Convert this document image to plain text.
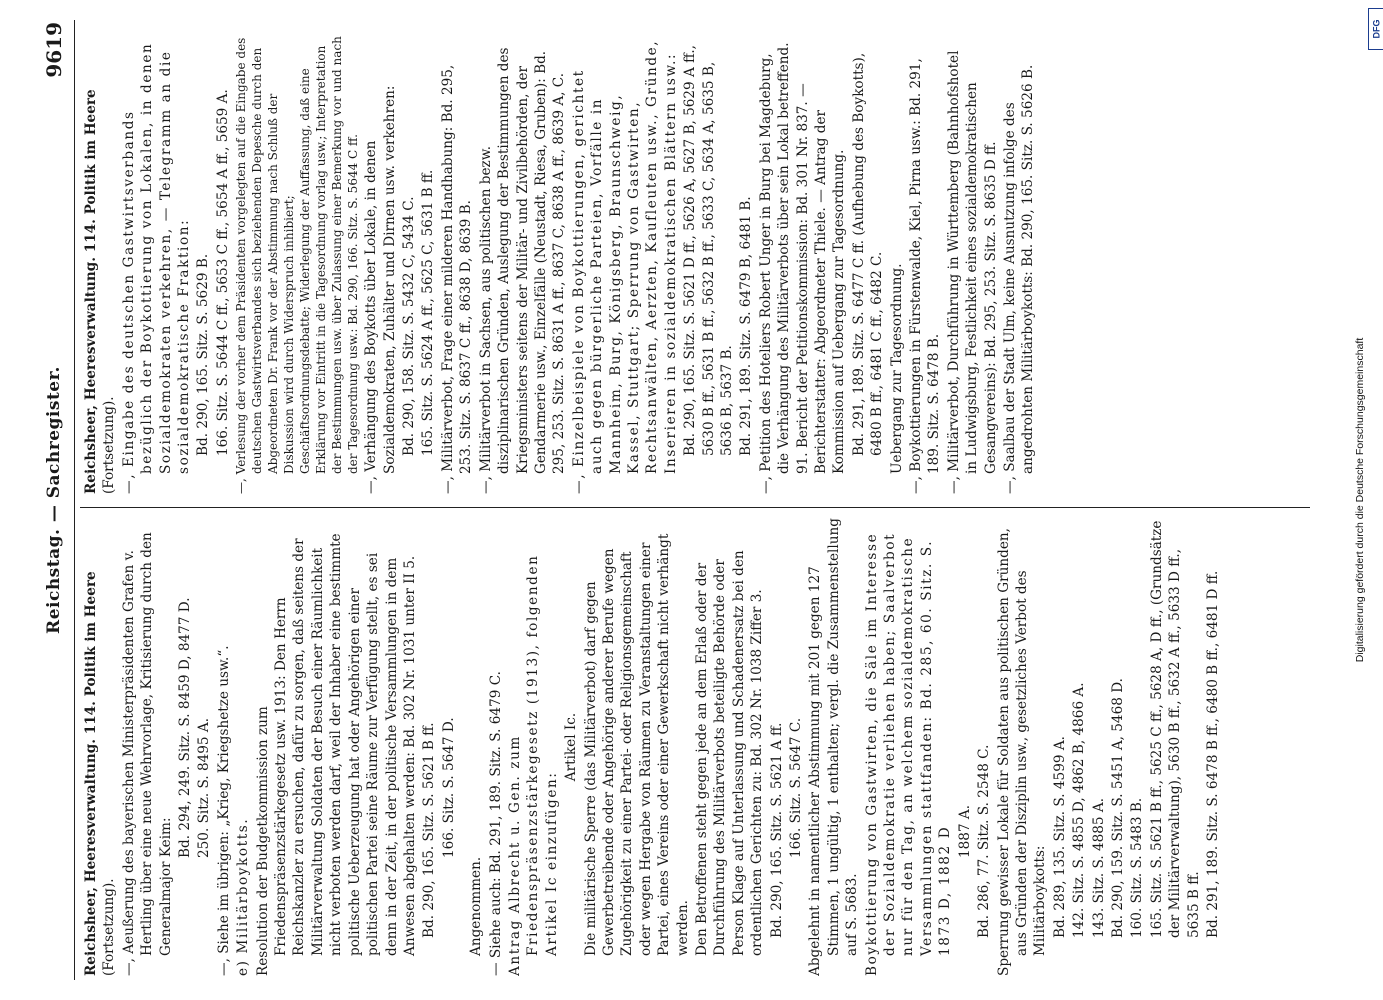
Reichstag. — Sachregister.
9619

Reichsheer, Heeresverwaltung. 114. Politik im Heere (Fortsetzung). —, Aeußerung des bayerischen Ministerpräsidenten Grafen v. Hertling über eine neue Wehrvorlage, Kritisierung durch den Generalmajor Keim:

Bd. 294, 249. Sitz. S. 8459 D, 8477 D. 250. Sitz. S. 8495 A. —, Siehe im übrigen: „Krieg, Kriegshetze usw.“. e) Militärboykotts. Resolution der Budgetkommission zum Friedenspräsenzstärkegesetz usw. 1913: Den Herrn Reichskanzler zu ersuchen, dafür zu sorgen, daß seitens der Militärverwaltung Soldaten der Besuch einer Räumlichkeit nicht verboten werden darf, weil der Inhaber eine bestimmte politische Ueberzeugung hat oder Angehörigen einer politischen Partei seine Räume zur Verfügung stellt, es sei denn in der Zeit, in der politische Versammlungen in dem Anwesen abgehalten werden: Bd. 302 Nr. 1031 unter II 5. Bd. 290, 165. Sitz. S. 5621 B ff. 166. Sitz. S. 5647 D.

Angenommen. — Siehe auch: Bd. 291, 189. Sitz. S. 6479 C. Antrag Albrecht u. Gen. zum Friedenspräsenzstärkegesetz (1913), folgenden Artikel Ic einzufügen:

Artikel Ic. Die militärische Sperre (das Militärverbot) darf gegen Gewerbetreibende oder Angehörige anderer Berufe wegen Zugehörigkeit zu einer Partei- oder Religionsgemeinschaft oder wegen Hergabe von Räumen zu Veranstaltungen einer Partei, eines Vereins oder einer Gewerkschaft nicht verhängt werden. Den Betroffenen steht gegen jede an dem Erlaß oder der Durchführung des Militärverbots beteiligte Behörde oder Person Klage auf Unterlassung und Schadenersatz bei den ordentlichen Gerichten zu: Bd. 302 Nr. 1038 Ziffer 3. Bd. 290, 165. Sitz. S. 5621 A ff. 166. Sitz. S. 5647 C. Abgelehnt in namentlicher Abstimmung mit 201 gegen 127 Stimmen, 1 ungültig, 1 enthalten; vergl. die Zusammenstellung auf S. 5683. Boykottierung von Gastwirten, die Säle im Interesse der Sozialdemokratie verliehen haben; Saalverbot nur für den Tag, an welchem sozialdemokratische Versammlungen stattfanden: Bd. 285, 60. Sitz. S. 1873 D, 1882 D 1887 A. Bd. 286, 77. Sitz. S. 2548 C. Sperrung gewisser Lokale für Soldaten aus politischen Gründen, aus Gründen der Disziplin usw., gesetzliches Verbot des Militärboykotts: Bd. 289, 135. Sitz. S. 4599 A. 142. Sitz. S. 4855 D, 4862 B, 4866 A. 143. Sitz. S. 4885 A. Bd. 290, 159. Sitz. S. 5451 A, 5468 D. 160. Sitz. S. 5483 B. 165. Sitz. S. 5621 B ff., 5625 C ff., 5628 A, D ff., (Grundsätze der Militärverwaltung), 5630 B ff., 5632 A ff., 5633 D ff., 5635 B ff. Bd. 291, 189. Sitz. S. 6478 B ff., 6480 B ff., 6481 D ff.

Reichsheer, Heeresverwaltung. 114. Politik im Heere (Fortsetzung). —, Eingabe des deutschen Gastwirtsverbands bezüglich der Boykottierung von Lokalen, in denen Sozialdemokraten verkehren, — Telegramm an die sozialdemokratische Fraktion: Bd. 290, 165. Sitz. S. 5629 B. 166. Sitz. S. 5644 C ff., 5653 C ff., 5654 A ff., 5659 A. —, Verlesung der vorher dem Präsidenten vorgelegten auf die Eingabe des deutschen Gastwirtsverbandes sich beziehenden Depesche durch den Abgeordneten Dr. Frank vor der Abstimmung nach Schluß der Diskussion wird durch Widerspruch inhibiert; Geschäftsordnungsdebatte; Widerlegung der Auffassung, daß eine Erklärung vor Eintritt in die Tagesordnung vorlag usw.; Interpretation der Bestimmungen usw. über Zulassung einer Bemerkung vor und nach der Tagesordnung usw.: Bd. 290, 166. Sitz. S. 5644 C ff. —, Verhängung des Boykotts über Lokale, in denen Sozialdemokraten, Zuhälter und Dirnen usw. verkehren: Bd. 290, 158. Sitz. S. 5432 C, 5434 C. 165. Sitz. S. 5624 A ff., 5625 C, 5631 B ff. —, Militärverbot, Frage einer milderen Handhabung: Bd. 295, 253. Sitz. S. 8637 C ff., 8638 D, 8639 B. —, Militärverbot in Sachsen, aus politischen bezw. disziplinarischen Gründen, Auslegung der Bestimmungen des Kriegsministers seitens der Militär- und Zivilbehörden, der Gendarmerie usw., Einzelfälle (Neustadt, Riesa, Gruben): Bd. 295, 253. Sitz. S. 8631 A ff., 8637 C, 8638 A ff., 8639 A, C. —, Einzelbeispiele von Boykottierungen, gerichtet auch gegen bürgerliche Parteien, Vorfälle in Mannheim, Burg, Königsberg, Braunschweig, Kassel, Stuttgart; Sperrung von Gastwirten, Rechtsanwälten, Aerzten, Kaufleuten usw., Gründe, Inserieren in sozialdemokratischen Blättern usw.: Bd. 290, 165. Sitz. S. 5621 D ff., 5626 A, 5627 B, 5629 A ff., 5630 B ff., 5631 B ff., 5632 B ff., 5633 C, 5634 A, 5635 B, 5636 B, 5637 B. Bd. 291, 189. Sitz. S. 6479 B, 6481 B. —, Petition des Hoteliers Robert Unger in Burg bei Magdeburg, die Verhängung des Militärverbots über sein Lokal betreffend. 91. Bericht der Petitionskommission: Bd. 301 Nr. 837. — Berichterstatter: Abgeordneter Thiele. — Antrag der Kommission auf Uebergang zur Tagesordnung. Bd. 291, 189. Sitz. S. 6477 C ff. (Aufhebung des Boykotts), 6480 B ff., 6481 C ff., 6482 C. Uebergang zur Tagesordnung. —, Boykottierungen in Fürstenwalde, Kiel, Pirna usw.: Bd. 291, 189. Sitz. S. 6478 B. —, Militärverbot, Durchführung in Württemberg (Bahnhofshotel in Ludwigsburg, Festlichkeit eines sozialdemokratischen Gesangvereins): Bd. 295, 253. Sitz. S. 8635 D ff. —, Saalbau der Stadt Ulm, keine Ausnutzung infolge des angedrohten Militärboykotts: Bd. 290, 165. Sitz. S. 5626 B.

Digitalisierung gefördert durch die Deutsche Forschungsgemeinschaft
DFG
